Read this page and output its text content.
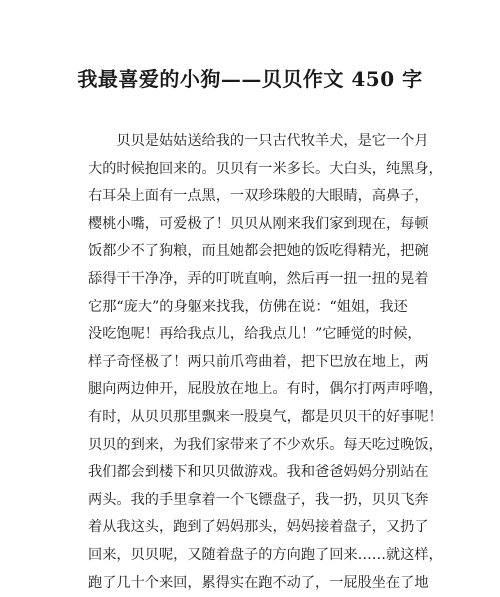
我最喜爱的小狗——贝贝作文 450 字
　　贝贝是姑姑送给我的一只古代牧羊犬，是它一个月
大的时候抱回来的。贝贝有一米多长。大白头，纯黑身，
右耳朵上面有一点黑，一双珍珠般的大眼睛，高鼻子，
樱桃小嘴，可爱极了！贝贝从刚来我们家到现在，每顿
饭都少不了狗粮，而且她都会把她的饭吃得精光，把碗
舔得干干净净，弄的叮咣直响，然后再一扭一扭的晃着
它那“庞大”的身躯来找我，仿佛在说：“姐姐，我还
没吃饱呢！再给我点儿，给我点儿！”它睡觉的时候，
样子奇怪极了！两只前爪弯曲着，把下巴放在地上，两
腿向两边伸开，屁股放在地上。有时，偶尔打两声呼噜，
有时，从贝贝那里飘来一股臭气，都是贝贝干的好事呢！
贝贝的到来，为我们家带来了不少欢乐。每天吃过晚饭，
我们都会到楼下和贝贝做游戏。我和爸爸妈妈分别站在
两头。我的手里拿着一个飞镖盘子，我一扔，贝贝飞奔
着从我这头，跑到了妈妈那头，妈妈接着盘子，又扔了
回来，贝贝呢，又随着盘子的方向跑了回来……就这样，
跑了几十个来回，累得实在跑不动了，一屁股坐在了地
